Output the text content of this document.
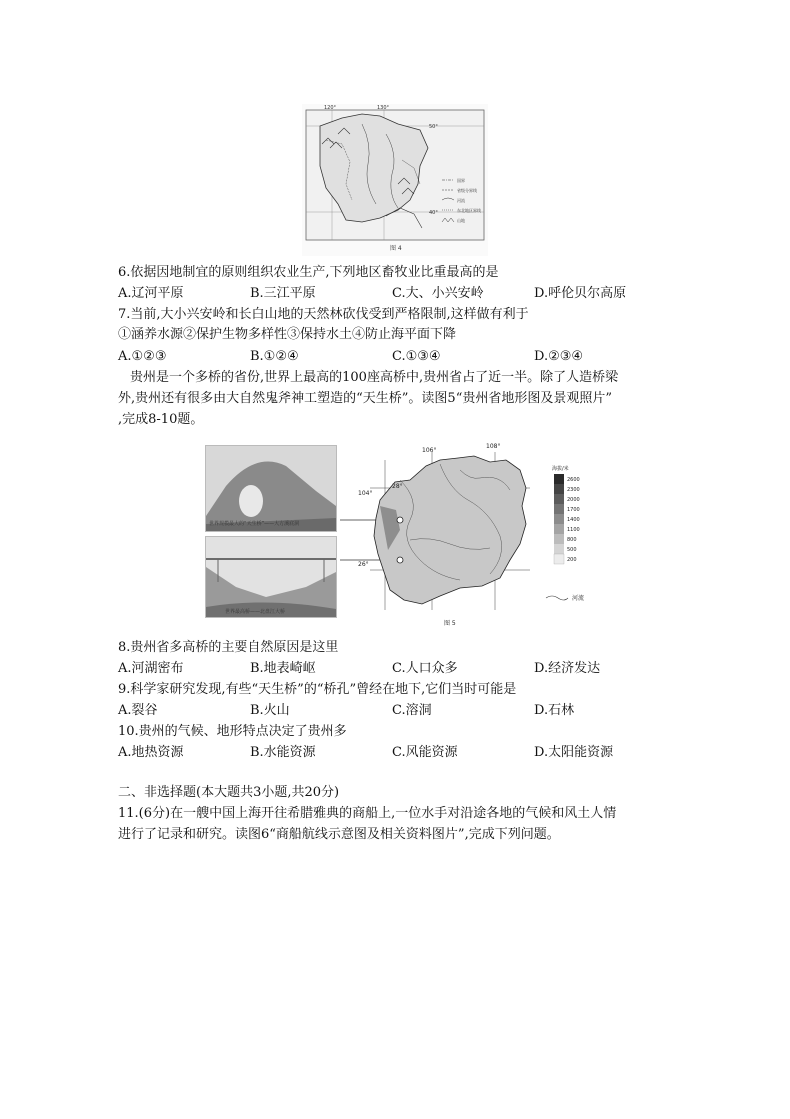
120°	130°
50°
40°
国界
省级分界线
河流
东北地区界线
山地
图 4
6.依据因地制宜的原则组织农业生产,下列地区畜牧业比重最高的是
A.辽河平原	B.三江平原	C.大、小兴安岭	D.呼伦贝尔高原
7.当前,大小兴安岭和长白山地的天然林砍伐受到严格限制,这样做有利于
①涵养水源②保护生物多样性③保持水土④防止海平面下降
A.①②③	B.①②④	C.①③④	D.②③④
贵州是一个多桥的省份,世界上最高的100座高桥中,贵州省占了近一半。除了人造桥梁
外,贵州还有很多由大自然鬼斧神工塑造的“天生桥”。读图5“贵州省地形图及景观照片”
,完成8-10题。
世界规模最大的“天生桥”——大方溪底洞
世界最高桥——北盘江大桥
104°
106°
108°
28°
26°
海拔/米
2600
2300
2000
1700
1400
1100
800
500
200
河流
图 5
8.贵州省多高桥的主要自然原因是这里
A.河湖密布	B.地表崎岖	C.人口众多	D.经济发达
9.科学家研究发现,有些“天生桥”的“桥孔”曾经在地下,它们当时可能是
A.裂谷	B.火山	C.溶洞	D.石林
10.贵州的气候、地形特点决定了贵州多
A.地热资源	B.水能资源	C.风能资源	D.太阳能资源
二、非选择题(本大题共3小题,共20分)
11.(6分)在一艘中国上海开往希腊雅典的商船上,一位水手对沿途各地的气候和风土人情
进行了记录和研究。读图6“商船航线示意图及相关资料图片”,完成下列问题。
